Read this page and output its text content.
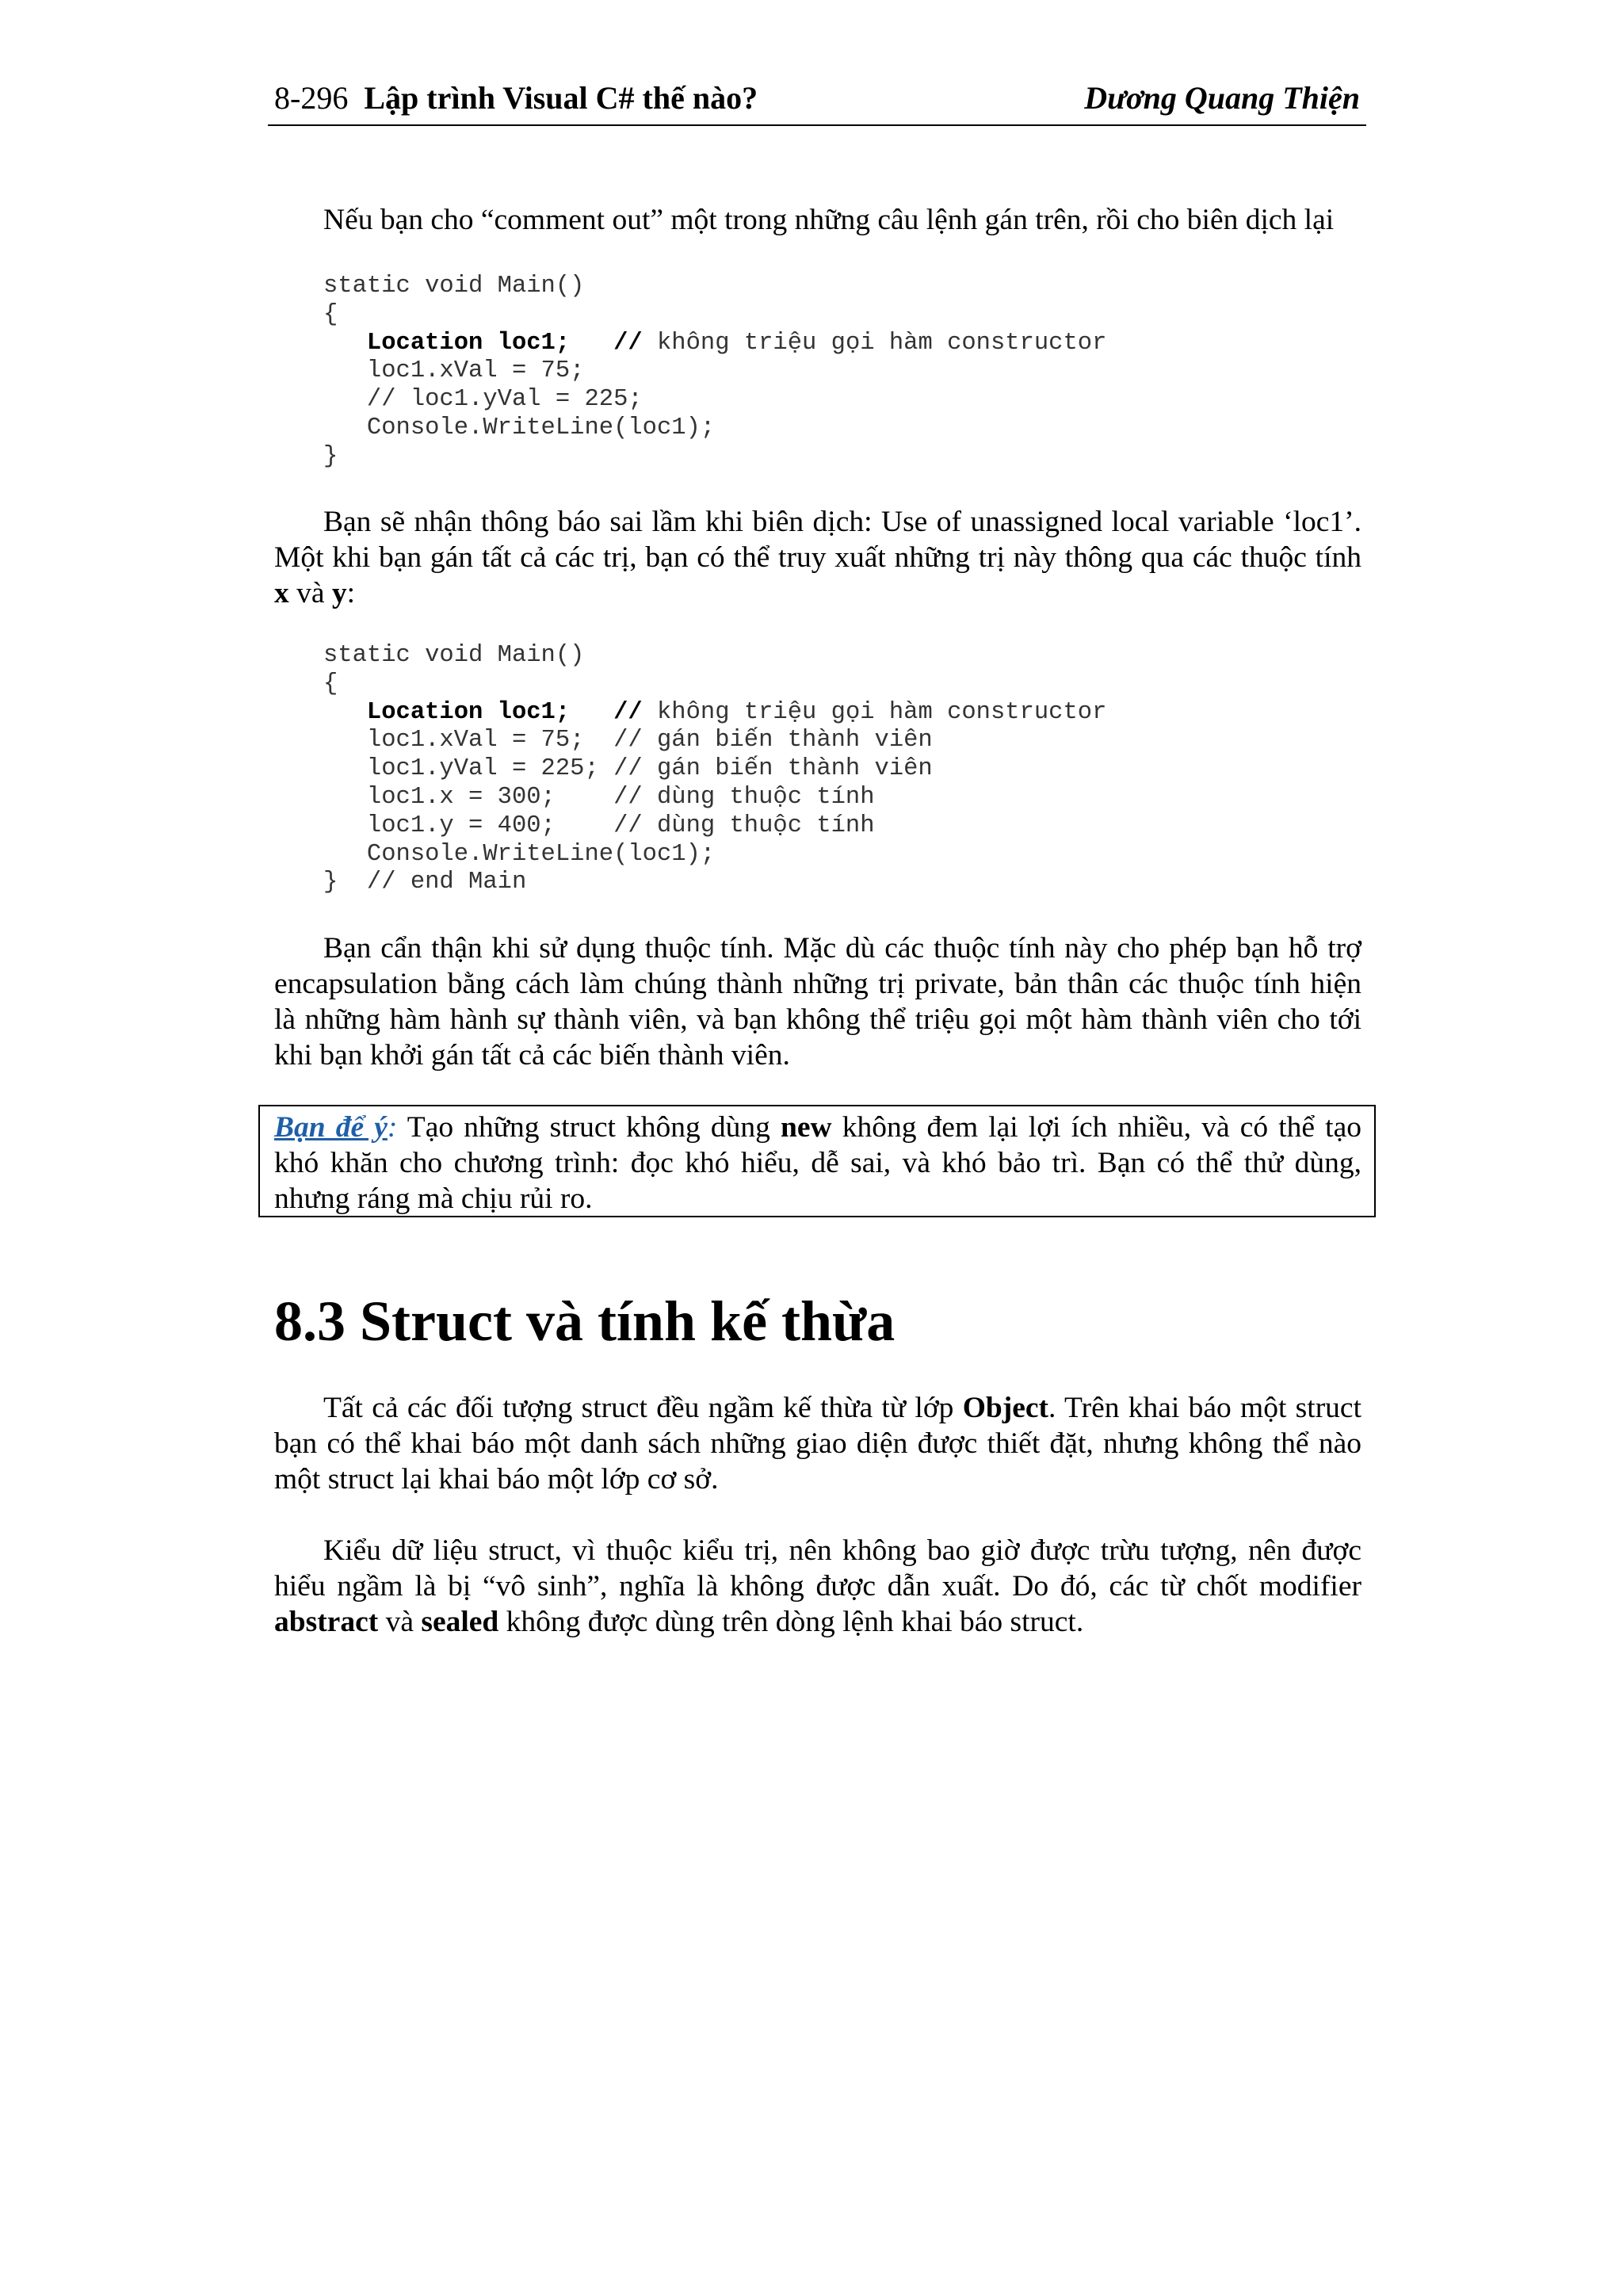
8-296 Lập trình Visual C# thế nào?	Dương Quang Thiện
Nếu bạn cho “comment out” một trong những câu lệnh gán trên, rồi cho biên dịch lại
static void Main()
{
Location loc1; // không triệu gọi hàm constructor
loc1.xVal = 75;
// loc1.yVal = 225;
Console.WriteLine(loc1);
}
Bạn sẽ nhận thông báo sai lầm khi biên dịch: Use of unassigned local variable ‘loc1’.
Một khi bạn gán tất cả các trị, bạn có thể truy xuất những trị này thông qua các thuộc tính
x và y:
static void Main()
{
Location loc1; // không triệu gọi hàm constructor
loc1.xVal = 75;  // gán biến thành viên
loc1.yVal = 225; // gán biến thành viên
loc1.x = 300;    // dùng thuộc tính
loc1.y = 400;    // dùng thuộc tính
Console.WriteLine(loc1);
}  // end Main
Bạn cẩn thận khi sử dụng thuộc tính. Mặc dù các thuộc tính này cho phép bạn hỗ trợ
encapsulation bằng cách làm chúng thành những trị private, bản thân các thuộc tính hiện
là những hàm hành sự thành viên, và bạn không thể triệu gọi một hàm thành viên cho tới
khi bạn khởi gán tất cả các biến thành viên.
Bạn để ý: Tạo những struct không dùng new không đem lại lợi ích nhiều, và có thể tạo
khó khăn cho chương trình: đọc khó hiểu, dễ sai, và khó bảo trì. Bạn có thể thử dùng,
nhưng ráng mà chịu rủi ro.
8.3 Struct và tính kế thừa
Tất cả các đối tượng struct đều ngầm kế thừa từ lớp Object. Trên khai báo một struct
bạn có thể khai báo một danh sách những giao diện được thiết đặt, nhưng không thể nào
một struct lại khai báo một lớp cơ sở.
Kiểu dữ liệu struct, vì thuộc kiểu trị, nên không bao giờ được trừu tượng, nên được
hiểu ngầm là bị “vô sinh”, nghĩa là không được dẫn xuất. Do đó, các từ chốt modifier
abstract và sealed không được dùng trên dòng lệnh khai báo struct.
